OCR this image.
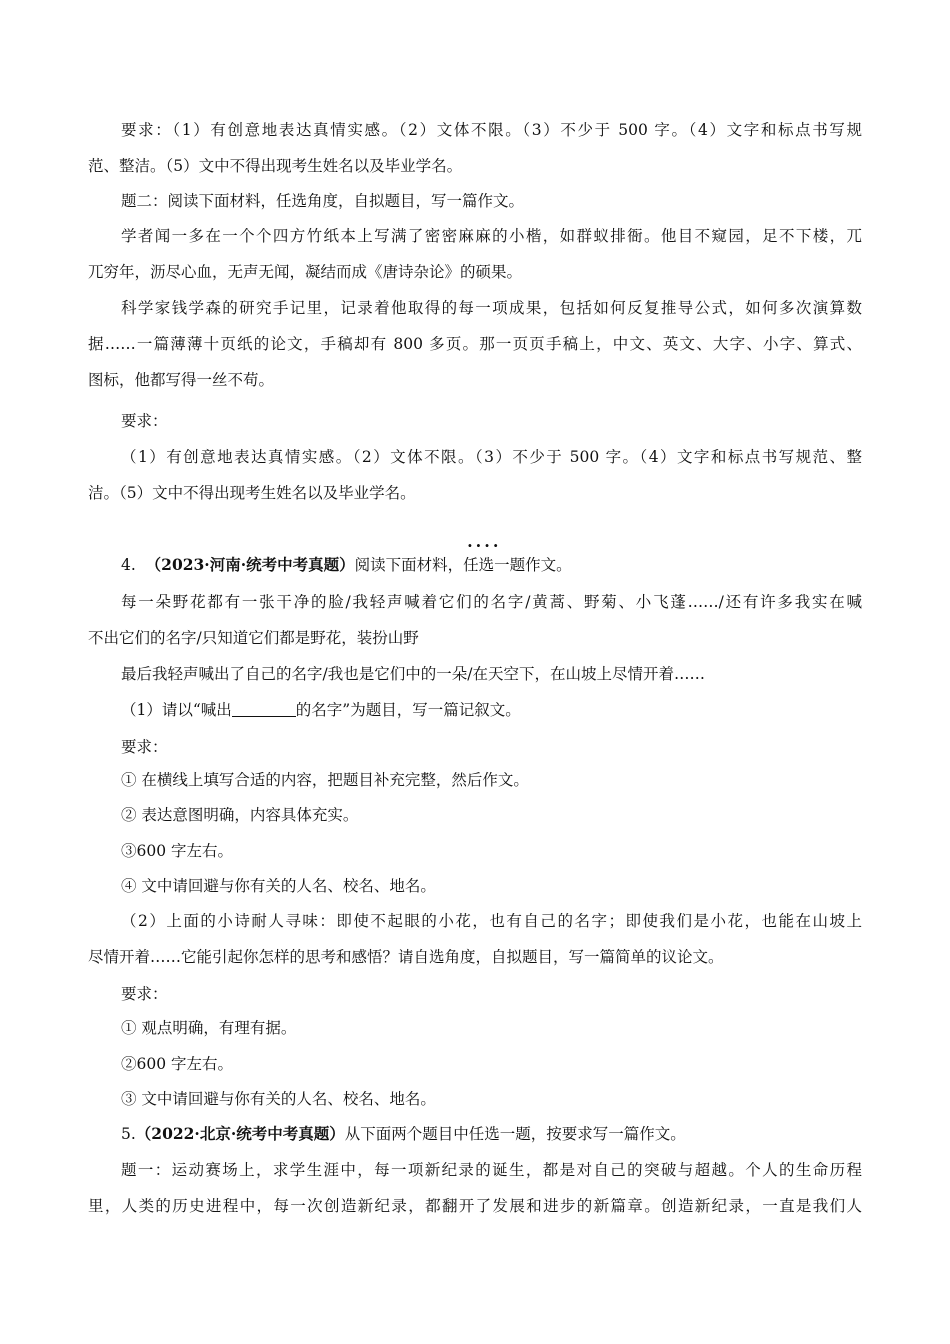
要求：（1）有创意地表达真情实感。（2）文体不限。（3）不少于 500 字。（4）文字和标点书写规
范、整洁。（5）文中不得出现考生姓名以及毕业学名。
题二：阅读下面材料，任选角度，自拟题目，写一篇作文。
学者闻一多在一个个四方竹纸本上写满了密密麻麻的小楷，如群蚁排衙。他目不窥园，足不下楼，兀
兀穷年，沥尽心血，无声无闻，凝结而成《唐诗杂论》的硕果。
科学家钱学森的研究手记里，记录着他取得的每一项成果，包括如何反复推导公式，如何多次演算数
据……一篇薄薄十页纸的论文，手稿却有 800 多页。那一页页手稿上，中文、英文、大字、小字、算式、
图标，他都写得一丝不苟。
要求：
（1）有创意地表达真情实感。（2）文体不限。（3）不少于 500 字。（4）文字和标点书写规范、整
洁。（5）文中不得出现考生姓名以及毕业学名。
4. （2023·河南·统考中考真题）阅读下面材料，···· 任选一题作文。
每一朵野花都有一张干净的脸/我轻声喊着它们的名字/黄蒿、野菊、小飞蓬……/还有许多我实在喊
不出它们的名字/只知道它们都是野花，装扮山野
最后我轻声喊出了自己的名字/我也是它们中的一朵/在天空下，在山坡上尽情开着……
（1）请以“喊出	的名字”为题目，写一篇记叙文。
要求：
① 在横线上填写合适的内容，把题目补充完整，然后作文。
② 表达意图明确，内容具体充实。
③600 字左右。
④ 文中请回避与你有关的人名、校名、地名。
（2）上面的小诗耐人寻味：即使不起眼的小花，也有自己的名字；即使我们是小花，也能在山坡上
尽情开着……它能引起你怎样的思考和感悟？请自选角度，自拟题目，写一篇简单的议论文。
要求：
① 观点明确，有理有据。
②600 字左右。
③ 文中请回避与你有关的人名、校名、地名。
5.（2022·北京·统考中考真题）从下面两个题目中任选一题，按要求写一篇作文。
题一：运动赛场上，求学生涯中，每一项新纪录的诞生，都是对自己的突破与超越。个人的生命历程
里，人类的历史进程中，每一次创造新纪录，都翻开了发展和进步的新篇章。创造新纪录，一直是我们人
